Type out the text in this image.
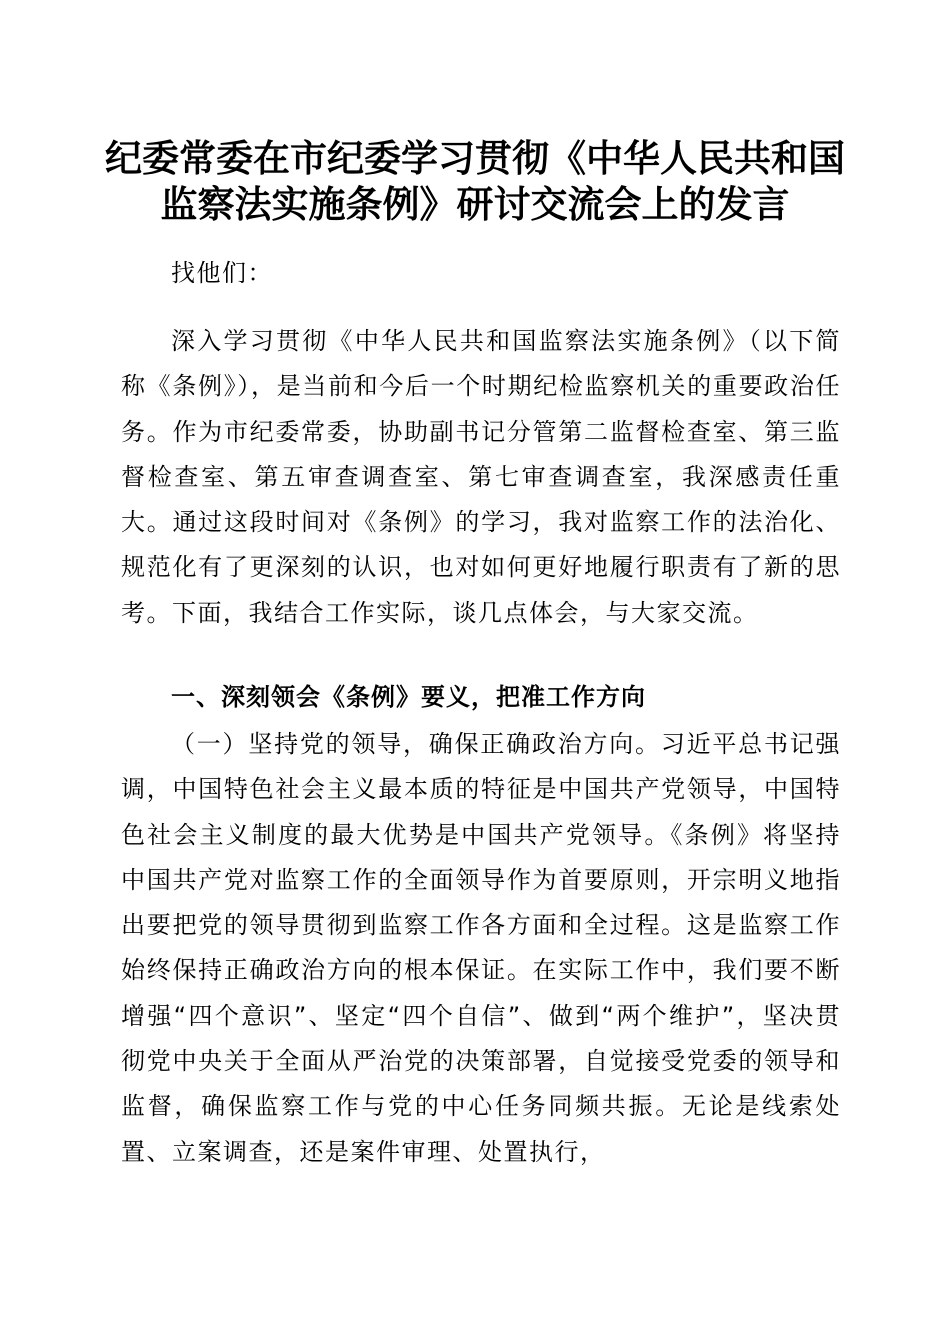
纪委常委在市纪委学习贯彻《中华人民共和国
监察法实施条例》研讨交流会上的发言
找他们：
深入学习贯彻《中华人民共和国监察法实施条例》（以下简称《条例》），是当前和今后一个时期纪检监察机关的重要政治任务。作为市纪委常委，协助副书记分管第二监督检查室、第三监督检查室、第五审查调查室、第七审查调查室，我深感责任重大。通过这段时间对《条例》的学习，我对监察工作的法治化、规范化有了更深刻的认识，也对如何更好地履行职责有了新的思考。下面，我结合工作实际，谈几点体会，与大家交流。
一、深刻领会《条例》要义，把准工作方向
（一）坚持党的领导，确保正确政治方向。习近平总书记强调，中国特色社会主义最本质的特征是中国共产党领导，中国特色社会主义制度的最大优势是中国共产党领导。《条例》将坚持中国共产党对监察工作的全面领导作为首要原则，开宗明义地指出要把党的领导贯彻到监察工作各方面和全过程。这是监察工作始终保持正确政治方向的根本保证。在实际工作中，我们要不断增强“四个意识”、坚定“四个自信”、做到“两个维护”，坚决贯彻党中央关于全面从严治党的决策部署，自觉接受党委的领导和监督，确保监察工作与党的中心任务同频共振。无论是线索处置、立案调查，还是案件审理、处置执行，
